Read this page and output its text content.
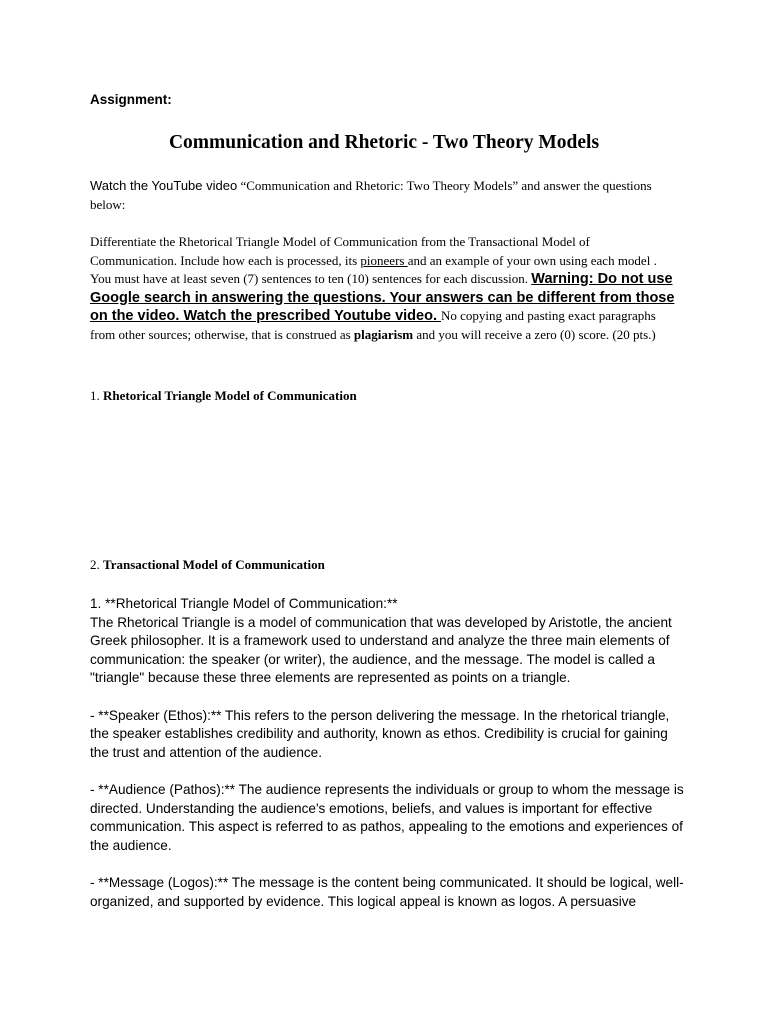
Assignment:
Communication and Rhetoric - Two Theory Models
Watch the YouTube video “Communication and Rhetoric: Two Theory Models” and answer the questions below:
Differentiate the Rhetorical Triangle Model of Communication from the Transactional Model of Communication. Include how each is processed, its pioneers and an example of your own using each model . You must have at least seven (7) sentences to ten (10) sentences for each discussion. Warning: Do not use Google search in answering the questions. Your answers can be different from those on the video. Watch the prescribed Youtube video. No copying and pasting exact paragraphs from other sources; otherwise, that is construed as plagiarism and you will receive a zero (0) score. (20 pts.)
1. Rhetorical Triangle Model of Communication
2. Transactional Model of Communication

1. **Rhetorical Triangle Model of Communication:**
The Rhetorical Triangle is a model of communication that was developed by Aristotle, the ancient Greek philosopher. It is a framework used to understand and analyze the three main elements of communication: the speaker (or writer), the audience, and the message. The model is called a "triangle" because these three elements are represented as points on a triangle.

- **Speaker (Ethos):** This refers to the person delivering the message. In the rhetorical triangle, the speaker establishes credibility and authority, known as ethos. Credibility is crucial for gaining the trust and attention of the audience.

- **Audience (Pathos):** The audience represents the individuals or group to whom the message is directed. Understanding the audience's emotions, beliefs, and values is important for effective communication. This aspect is referred to as pathos, appealing to the emotions and experiences of the audience.

- **Message (Logos):** The message is the content being communicated. It should be logical, well-organized, and supported by evidence. This logical appeal is known as logos. A persuasive
